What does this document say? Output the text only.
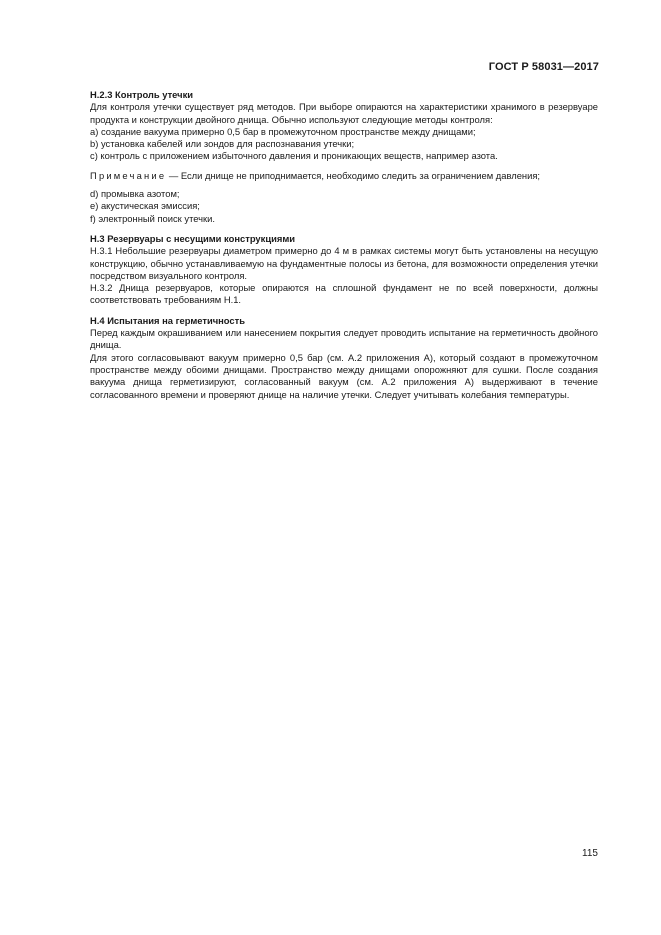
ГОСТ Р 58031—2017

Н.2.3 Контроль утечки

Для контроля утечки существует ряд методов. При выборе опираются на характеристики хранимого в резервуаре продукта и конструкции двойного днища. Обычно используют следующие методы контроля:

a) создание вакуума примерно 0,5 бар в промежуточном пространстве между днищами;

b) установка кабелей или зондов для распознавания утечки;

c) контроль с приложением избыточного давления и проникающих веществ, например азота.

Примечание — Если днище не приподнимается, необходимо следить за ограничением давления;

d) промывка азотом;

e) акустическая эмиссия;

f) электронный поиск утечки.

Н.3 Резервуары с несущими конструкциями

Н.3.1 Небольшие резервуары диаметром примерно до 4 м в рамках системы могут быть установлены на несущую конструкцию, обычно устанавливаемую на фундаментные полосы из бетона, для возможности определения утечки посредством визуального контроля.

Н.3.2 Днища резервуаров, которые опираются на сплошной фундамент не по всей поверхности, должны соответствовать требованиям Н.1.

Н.4 Испытания на герметичность

Перед каждым окрашиванием или нанесением покрытия следует проводить испытание на герметичность двойного днища.

Для этого согласовывают вакуум примерно 0,5 бар (см. А.2 приложения А), который создают в промежуточном пространстве между обоими днищами. Пространство между днищами опорожняют для сушки. После создания вакуума днища герметизируют, согласованный вакуум (см. А.2 приложения А) выдерживают в течение согласованного времени и проверяют днище на наличие утечки. Следует учитывать колебания температуры.

115
